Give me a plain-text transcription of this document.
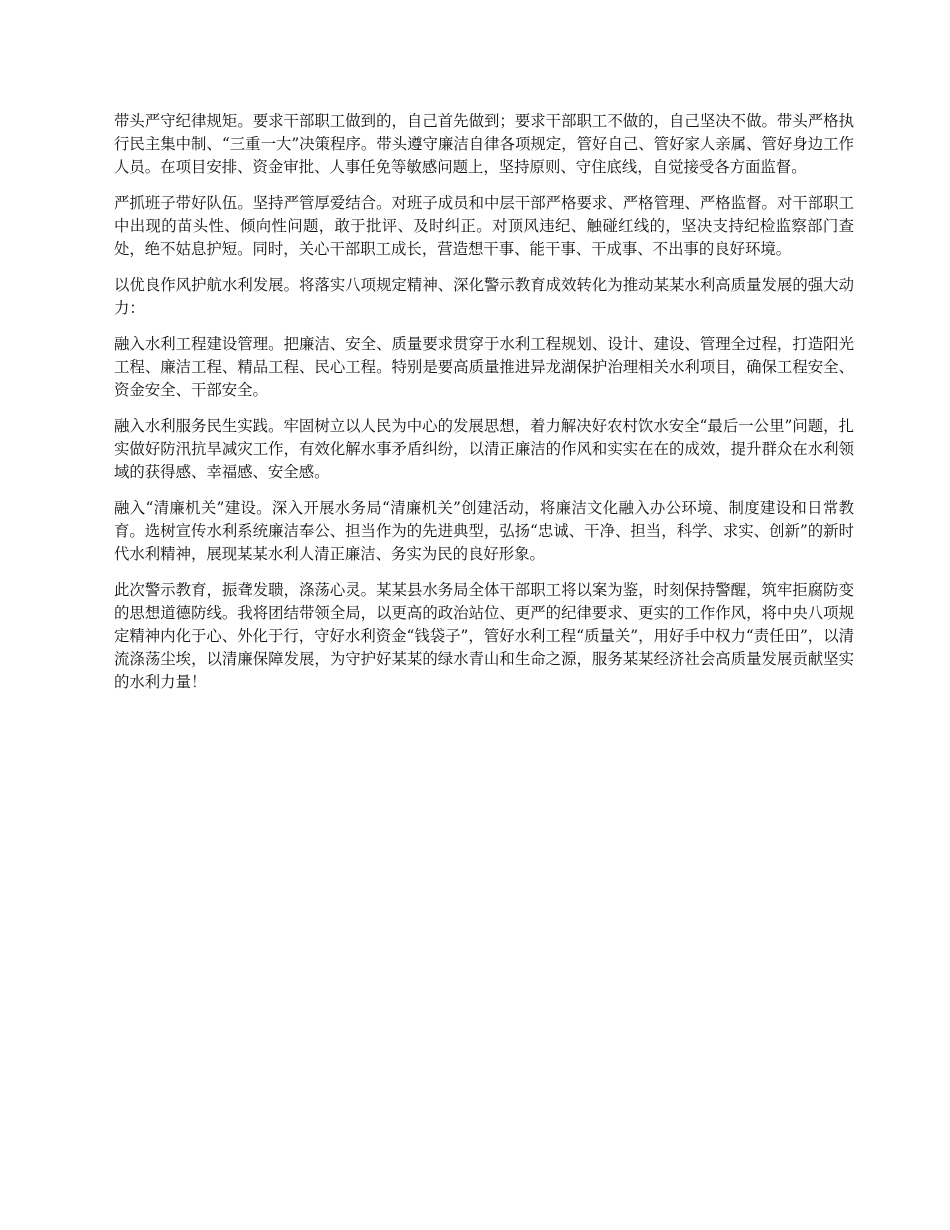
带头严守纪律规矩。要求干部职工做到的，自己首先做到；要求干部职工不做的，自己坚决不做。带头严格执行民主集中制、“三重一大”决策程序。带头遵守廉洁自律各项规定，管好自己、管好家人亲属、管好身边工作人员。在项目安排、资金审批、人事任免等敏感问题上，坚持原则、守住底线，自觉接受各方面监督。

严抓班子带好队伍。坚持严管厚爱结合。对班子成员和中层干部严格要求、严格管理、严格监督。对干部职工中出现的苗头性、倾向性问题，敢于批评、及时纠正。对顶风违纪、触碰红线的，坚决支持纪检监察部门查处，绝不姑息护短。同时，关心干部职工成长，营造想干事、能干事、干成事、不出事的良好环境。

以优良作风护航水利发展。将落实八项规定精神、深化警示教育成效转化为推动某某水利高质量发展的强大动力：

融入水利工程建设管理。把廉洁、安全、质量要求贯穿于水利工程规划、设计、建设、管理全过程，打造阳光工程、廉洁工程、精品工程、民心工程。特别是要高质量推进异龙湖保护治理相关水利项目，确保工程安全、资金安全、干部安全。

融入水利服务民生实践。牢固树立以人民为中心的发展思想，着力解决好农村饮水安全“最后一公里”问题，扎实做好防汛抗旱减灾工作，有效化解水事矛盾纠纷，以清正廉洁的作风和实实在在的成效，提升群众在水利领域的获得感、幸福感、安全感。

融入“清廉机关”建设。深入开展水务局“清廉机关”创建活动，将廉洁文化融入办公环境、制度建设和日常教育。选树宣传水利系统廉洁奉公、担当作为的先进典型，弘扬“忠诚、干净、担当，科学、求实、创新”的新时代水利精神，展现某某水利人清正廉洁、务实为民的良好形象。

此次警示教育，振聋发聩，涤荡心灵。某某县水务局全体干部职工将以案为鉴，时刻保持警醒，筑牢拒腐防变的思想道德防线。我将团结带领全局，以更高的政治站位、更严的纪律要求、更实的工作作风，将中央八项规定精神内化于心、外化于行，守好水利资金“钱袋子”，管好水利工程“质量关”，用好手中权力“责任田”，以清流涤荡尘埃，以清廉保障发展，为守护好某某的绿水青山和生命之源，服务某某经济社会高质量发展贡献坚实的水利力量！
